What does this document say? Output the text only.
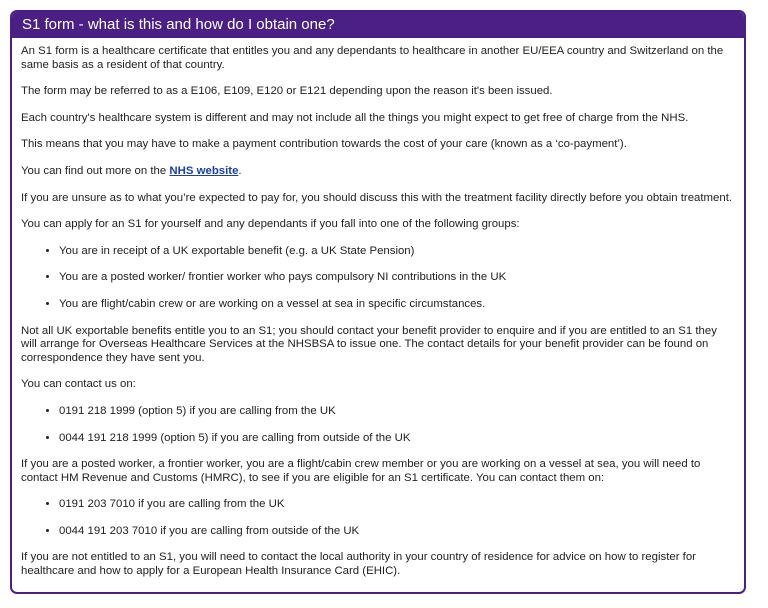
S1 form - what is this and how do I obtain one?

An S1 form is a healthcare certificate that entitles you and any dependants to healthcare in another EU/EEA country and Switzerland on the same basis as a resident of that country.

The form may be referred to as a E106, E109, E120 or E121 depending upon the reason it's been issued.

Each country's healthcare system is different and may not include all the things you might expect to get free of charge from the NHS.

This means that you may have to make a payment contribution towards the cost of your care (known as a ‘co-payment’).

You can find out more on the NHS website.

If you are unsure as to what you’re expected to pay for, you should discuss this with the treatment facility directly before you obtain treatment.

You can apply for an S1 for yourself and any dependants if you fall into one of the following groups:

• You are in receipt of a UK exportable benefit (e.g. a UK State Pension)
• You are a posted worker/ frontier worker who pays compulsory NI contributions in the UK
• You are flight/cabin crew or are working on a vessel at sea in specific circumstances.

Not all UK exportable benefits entitle you to an S1; you should contact your benefit provider to enquire and if you are entitled to an S1 they will arrange for Overseas Healthcare Services at the NHSBSA to issue one. The contact details for your benefit provider can be found on correspondence they have sent you.

You can contact us on:

• 0191 218 1999 (option 5) if you are calling from the UK
• 0044 191 218 1999 (option 5) if you are calling from outside of the UK

If you are a posted worker, a frontier worker, you are a flight/cabin crew member or you are working on a vessel at sea, you will need to contact HM Revenue and Customs (HMRC), to see if you are eligible for an S1 certificate. You can contact them on:

• 0191 203 7010 if you are calling from the UK
• 0044 191 203 7010 if you are calling from outside of the UK

If you are not entitled to an S1, you will need to contact the local authority in your country of residence for advice on how to register for healthcare and how to apply for a European Health Insurance Card (EHIC).
